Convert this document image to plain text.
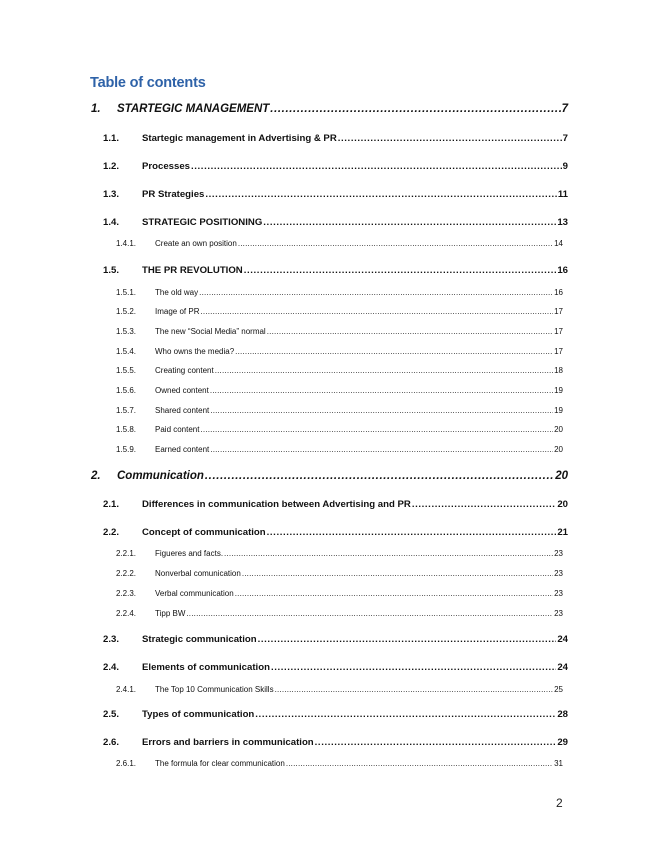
Table of contents
1.	STARTEGIC MANAGEMENT .....	7
1.1.	Startegic management in Advertising & PR .....	7
1.2.	Processes .....	9
1.3.	PR Strategies .....	11
1.4.	STRATEGIC POSITIONING .....	13
1.4.1.	Create an own position .....	14
1.5.	THE PR REVOLUTION .....	16
1.5.1.	The old way .....	16
1.5.2.	Image of PR .....	17
1.5.3.	The new “Social Media” normal .....	17
1.5.4.	Who owns the media? .....	17
1.5.5.	Creating content .....	18
1.5.6.	Owned content .....	19
1.5.7.	Shared content .....	19
1.5.8.	Paid content .....	20
1.5.9.	Earned content .....	20
2.	Communication .....	20
2.1.	Differences in communication between Advertising and PR .....	20
2.2.	Concept of communication .....	21
2.2.1.	Figueres and facts. .....	23
2.2.2.	Nonverbal comunication .....	23
2.2.3.	Verbal communication .....	23
2.2.4.	Tipp BW .....	23
2.3.	Strategic communication .....	24
2.4.	Elements of communication .....	24
2.4.1.	The Top 10 Communication Skills .....	25
2.5.	Types of communication .....	28
2.6.	Errors and barriers in communication .....	29
2.6.1.	The formula for clear communication .....	31
2
